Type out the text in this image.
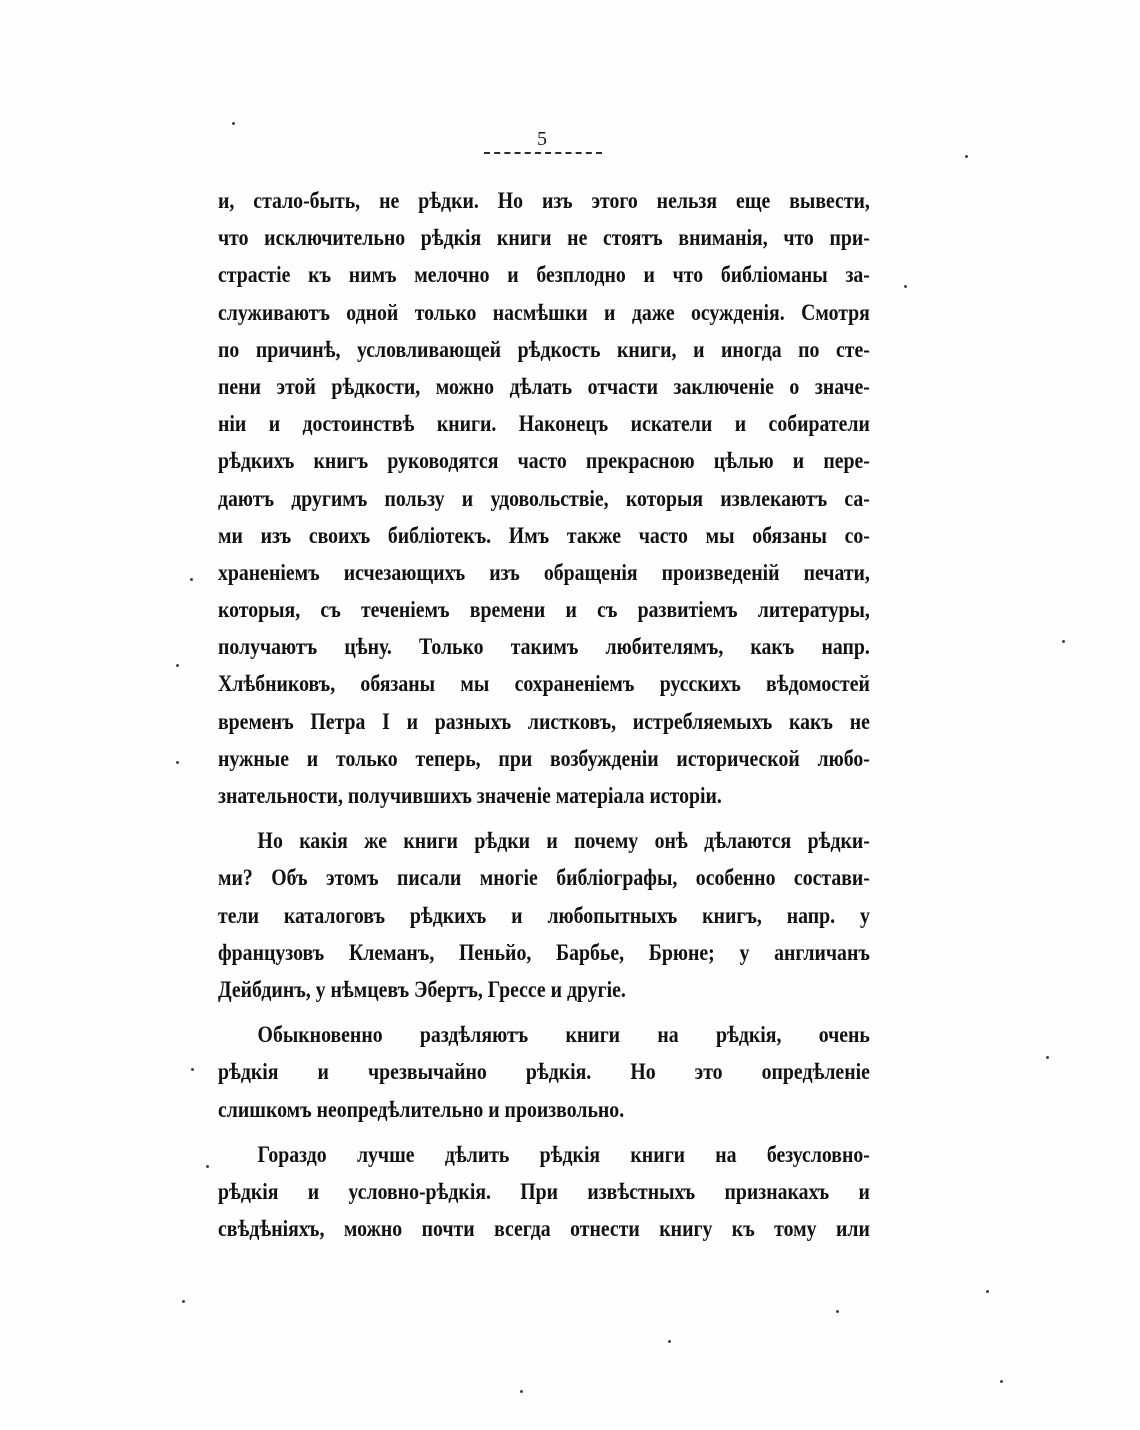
5
и, стало-быть, не рѣдки. Но изъ этого нельзя еще вывести,
что исключительно рѣдкія книги не стоятъ вниманія, что при-
страстіе къ нимъ мелочно и безплодно и что библіоманы за-
служиваютъ одной только насмѣшки и даже осужденія. Смотря
по причинѣ, условливающей рѣдкость книги, и иногда по сте-
пени этой рѣдкости, можно дѣлать отчасти заключеніе о значе-
ніи и достоинствѣ книги. Наконецъ искатели и собиратели
рѣдкихъ книгъ руководятся часто прекрасною цѣлью и пере-
даютъ другимъ пользу и удовольствіе, которыя извлекаютъ са-
ми изъ своихъ библіотекъ. Имъ также часто мы обязаны со-
храненіемъ исчезающихъ изъ обращенія произведеній печати,
которыя, съ теченіемъ времени и съ развитіемъ литературы,
получаютъ цѣну. Только такимъ любителямъ, какъ напр.
Хлѣбниковъ, обязаны мы сохраненіемъ русскихъ вѣдомостей
временъ Петра I и разныхъ листковъ, истребляемыхъ какъ не
нужные и только теперь, при возбужденіи исторической любо-
знательности, получившихъ значеніе матеріала исторіи.
Но какія же книги рѣдки и почему онѣ дѣлаются рѣдки-
ми? Объ этомъ писали многіе библіографы, особенно состави-
тели каталоговъ рѣдкихъ и любопытныхъ книгъ, напр. у
французовъ Клеманъ, Пеньйо, Барбье, Брюне; у англичанъ
Дейбдинъ, у нѣмцевъ Эбертъ, Грессе и другіе.
Обыкновенно раздѣляютъ книги на рѣдкія, очень
рѣдкія и чрезвычайно рѣдкія. Но это опредѣленіе
слишкомъ неопредѣлительно и произвольно.
Гораздо лучше дѣлить рѣдкія книги на безусловно-
рѣдкія и условно-рѣдкія. При извѣстныхъ признакахъ и
свѣдѣніяхъ, можно почти всегда отнести книгу къ тому или
